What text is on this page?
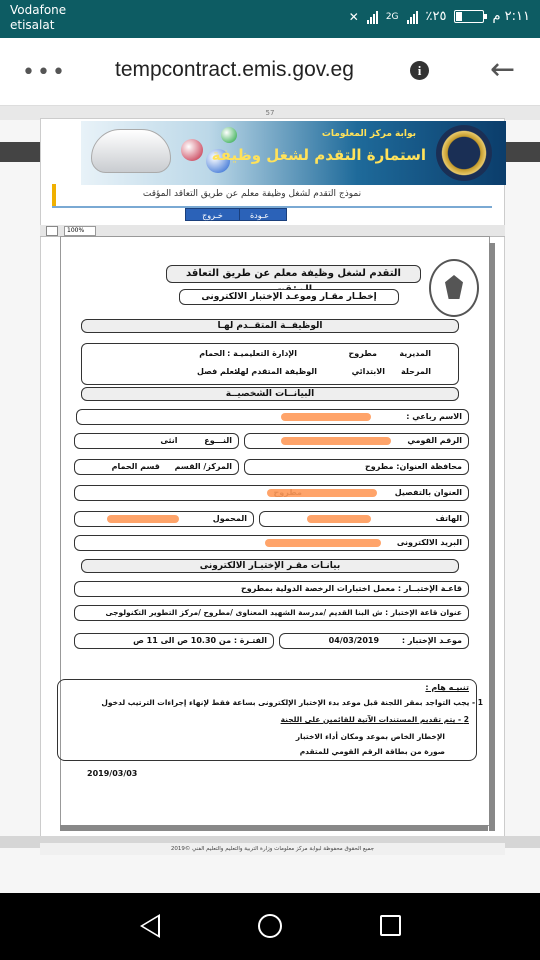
Vodafone
etisalat
✕	2G ٪٢٥	٢:١١ م
••• tempcontract.emis.gov.eg	i ←
57
بوابة مركز المعلومات
استمارة التقدم لشغل وظيفة
نموذج التقدم لشغل وظيفة معلم عن طريق التعاقد المؤقت
عـودة
خـروج
100%
التقدم لشغل وظيفة معلم عن طريق التعاقد
إخطـار مقـار وموعـد الإختبار الالكترونى
الوظيفــة المتقــدم لهـا
المديرية
مطروح
الإدارة التعليميـة :
الحمام
المرحلة
الابتدائي
الوظيفة المتقدم لها:
معلم فصل
البيانــات الشخصيــة
الاسم رباعي :
الرقم القومي
النـــوع انثى
محافظة العنوان: مطروح
المركز/ القسم قسم الحمام
العنوان بالتفصيل
الهاتف
المحمول
البريد الالكترونى
بيانـات مقـر الإختبـار الالكترونى
قاعـة الإختبــار : معمل اختبارات الرخصة الدولية بمطروح
عنوان قاعة الإختبار : ش البنا القديم /مدرسة الشهيد المعناوى /مطروح /مركز التطوير التكنولوجى
موعـد الإختبار : 04/03/2019
الفتـرة : من 10.30 ص الى 11 ص
تنبيـه هام :
1 - يجب التواجد بمقر اللجنة قبل موعد بدء الإختبار الإلكترونى بساعة فقط لإنهاء إجراءات الترتيب لدخول
2 - يتم تقديم المستندات الآتية للقائمين على اللجنة
الإخطار الخاص بموعد ومكان أداء الاختبار
صورة من بطاقة الرقم القومي للمتقدم
2019/03/03
جميع الحقوق محفوظة لبوابة مركز معلومات وزارة التربية والتعليم والتعليم الفني ©2019
